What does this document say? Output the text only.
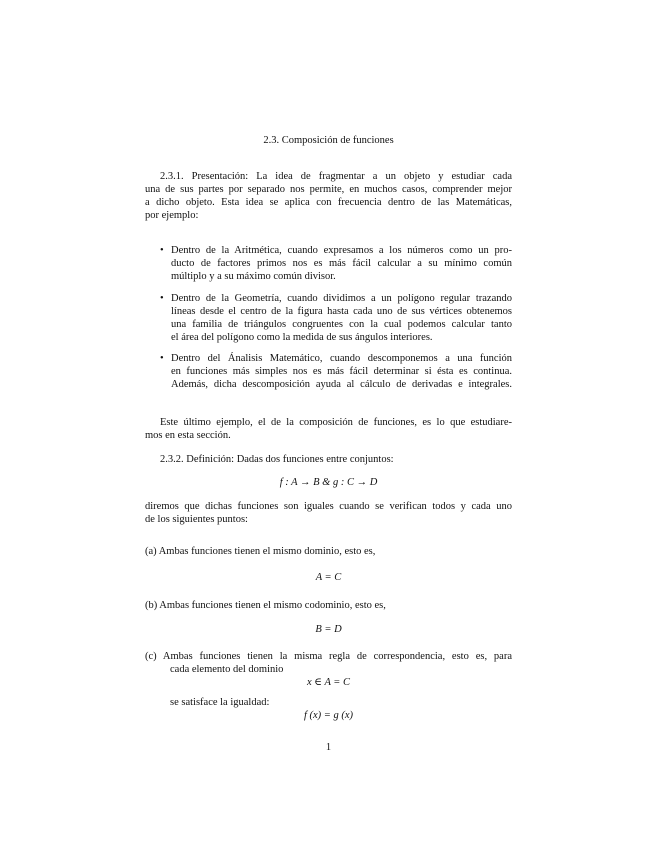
2.3. Composición de funciones
2.3.1. Presentación: La idea de fragmentar a un objeto y estudiar cada
una de sus partes por separado nos permite, en muchos casos, comprender mejor
a dicho objeto. Esta idea se aplica con frecuencia dentro de las Matemáticas,
por ejemplo:
• Dentro de la Aritmética, cuando expresamos a los números como un pro-
ducto de factores primos nos es más fácil calcular a su mínimo común
múltiplo y a su máximo común divisor.
• Dentro de la Geometría, cuando dividimos a un polígono regular trazando
líneas desde el centro de la figura hasta cada uno de sus vértices obtenemos
una familia de triángulos congruentes con la cual podemos calcular tanto
el área del polígono como la medida de sus ángulos interiores.
• Dentro del Ánalisis Matemático, cuando descomponemos a una función
en funciones más simples nos es más fácil determinar si ésta es continua.
Además, dicha descomposición ayuda al cálculo de derivadas e integrales.
Este último ejemplo, el de la composición de funciones, es lo que estudiare-
mos en esta sección.
2.3.2. Definición: Dadas dos funciones entre conjuntos:
f : A → B & g : C → D
diremos que dichas funciones son iguales cuando se verifican todos y cada uno
de los siguientes puntos:
(a) Ambas funciones tienen el mismo dominio, esto es,
A = C
(b) Ambas funciones tienen el mismo codominio, esto es,
B = D
(c) Ambas funciones tienen la misma regla de correspondencia, esto es, para
cada elemento del dominio
x ∈ A = C
se satisface la igualdad:
f (x) = g (x)
1
